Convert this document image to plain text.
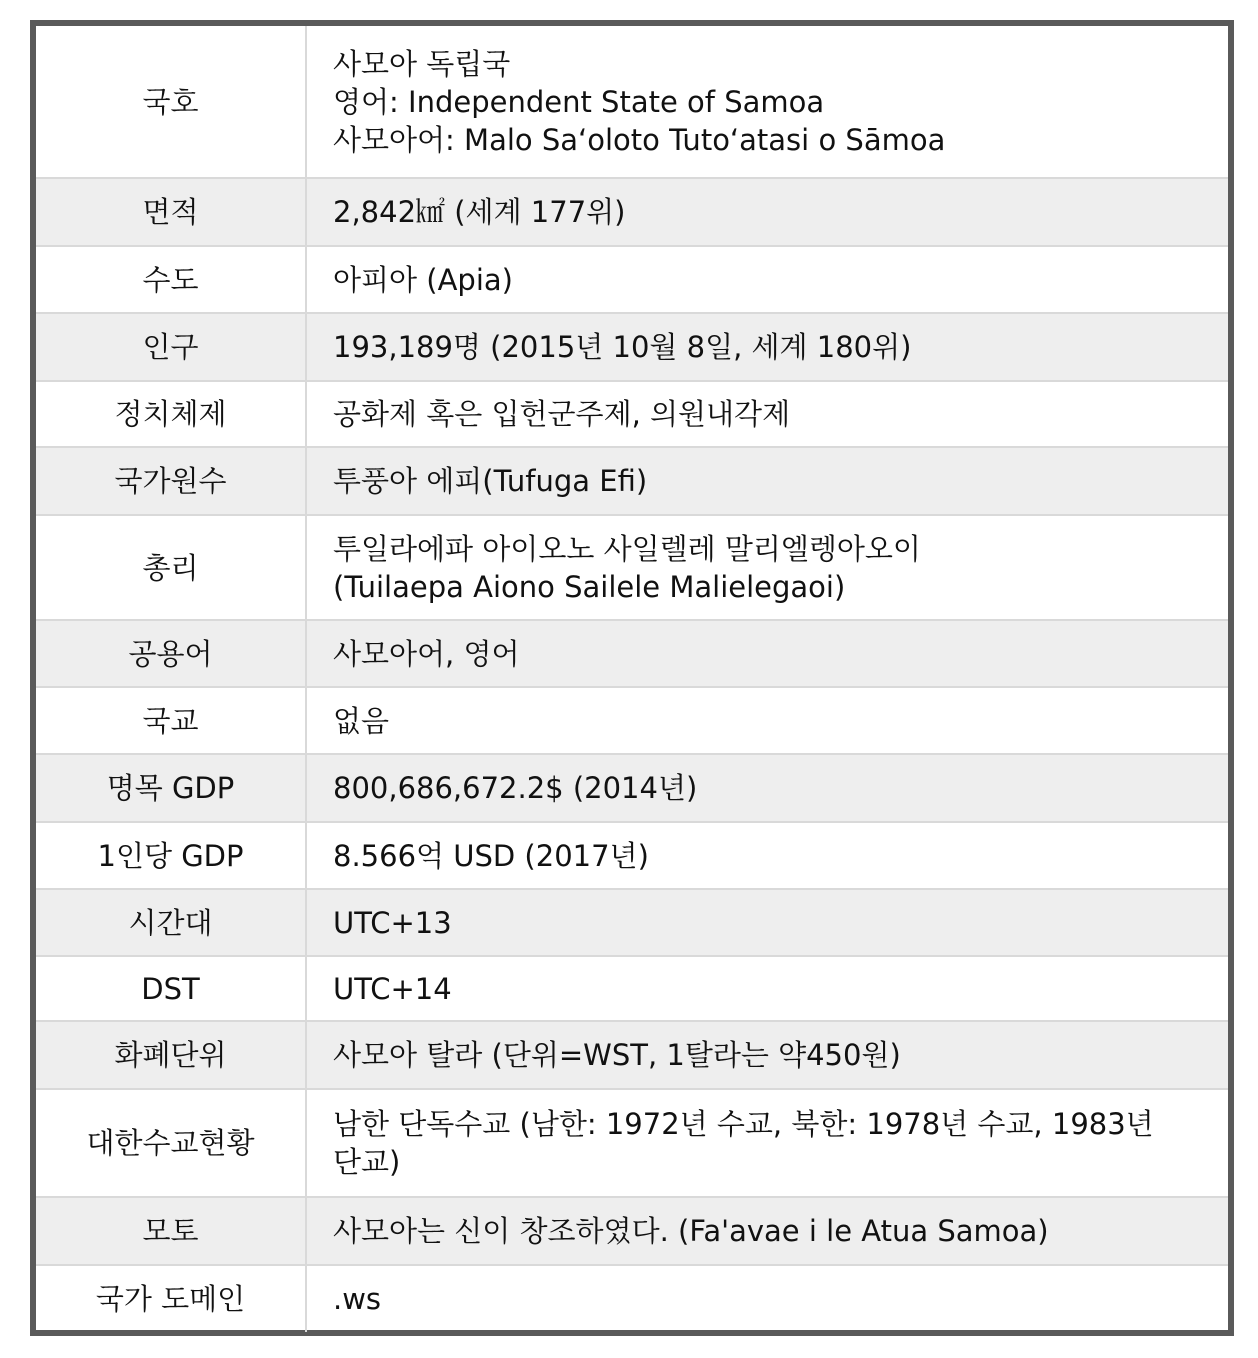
국호	사모아 독립국
영어: Independent State of Samoa
사모아어: Malo Saʻoloto Tutoʻatasi o Sāmoa
면적	2,842㎢ (세계 177위)
수도	아피아 (Apia)
인구	193,189명 (2015년 10월 8일, 세계 180위)
정치체제	공화제 혹은 입헌군주제, 의원내각제
국가원수	투풍아 에피(Tufuga Efi)
총리	투일라에파 아이오노 사일렐레 말리엘렝아오이
(Tuilaepa Aiono Sailele Malielegaoi)
공용어	사모아어, 영어
국교	없음
명목 GDP	800,686,672.2$ (2014년)
1인당 GDP	8.566억 USD (2017년)
시간대	UTC+13
DST	UTC+14
화폐단위	사모아 탈라 (단위=WST, 1탈라는 약450원)
대한수교현황	남한 단독수교 (남한: 1972년 수교, 북한: 1978년 수교, 1983년 단교)
모토	사모아는 신이 창조하였다. (Fa'avae i le Atua Samoa)
국가 도메인	.ws
